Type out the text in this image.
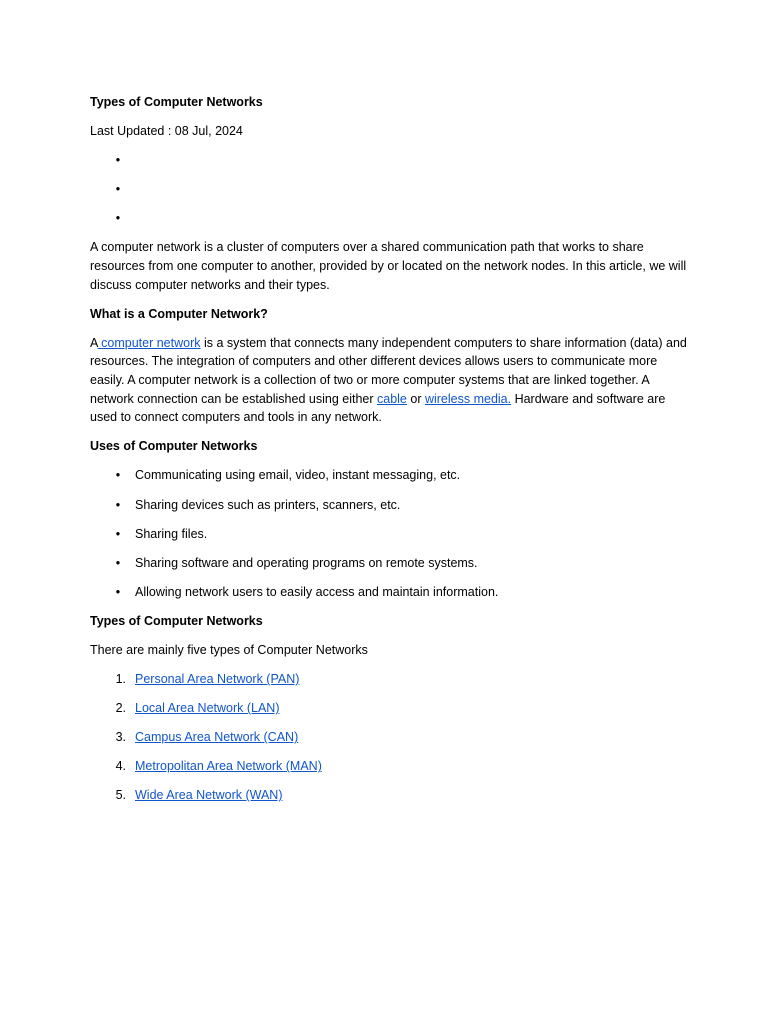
Types of Computer Networks

Last Updated : 08 Jul, 2024

•
•
•

A computer network is a cluster of computers over a shared communication path that works to share resources from one computer to another, provided by or located on the network nodes. In this article, we will discuss computer networks and their types.

What is a Computer Network?

A computer network is a system that connects many independent computers to share information (data) and resources. The integration of computers and other different devices allows users to communicate more easily. A computer network is a collection of two or more computer systems that are linked together. A network connection can be established using either cable or wireless media. Hardware and software are used to connect computers and tools in any network.

Uses of Computer Networks

•	Communicating using email, video, instant messaging, etc.
•	Sharing devices such as printers, scanners, etc.
•	Sharing files.
•	Sharing software and operating programs on remote systems.
•	Allowing network users to easily access and maintain information.

Types of Computer Networks

There are mainly five types of Computer Networks

1. Personal Area Network (PAN)
2. Local Area Network (LAN)
3. Campus Area Network (CAN)
4. Metropolitan Area Network (MAN)
5. Wide Area Network (WAN)
